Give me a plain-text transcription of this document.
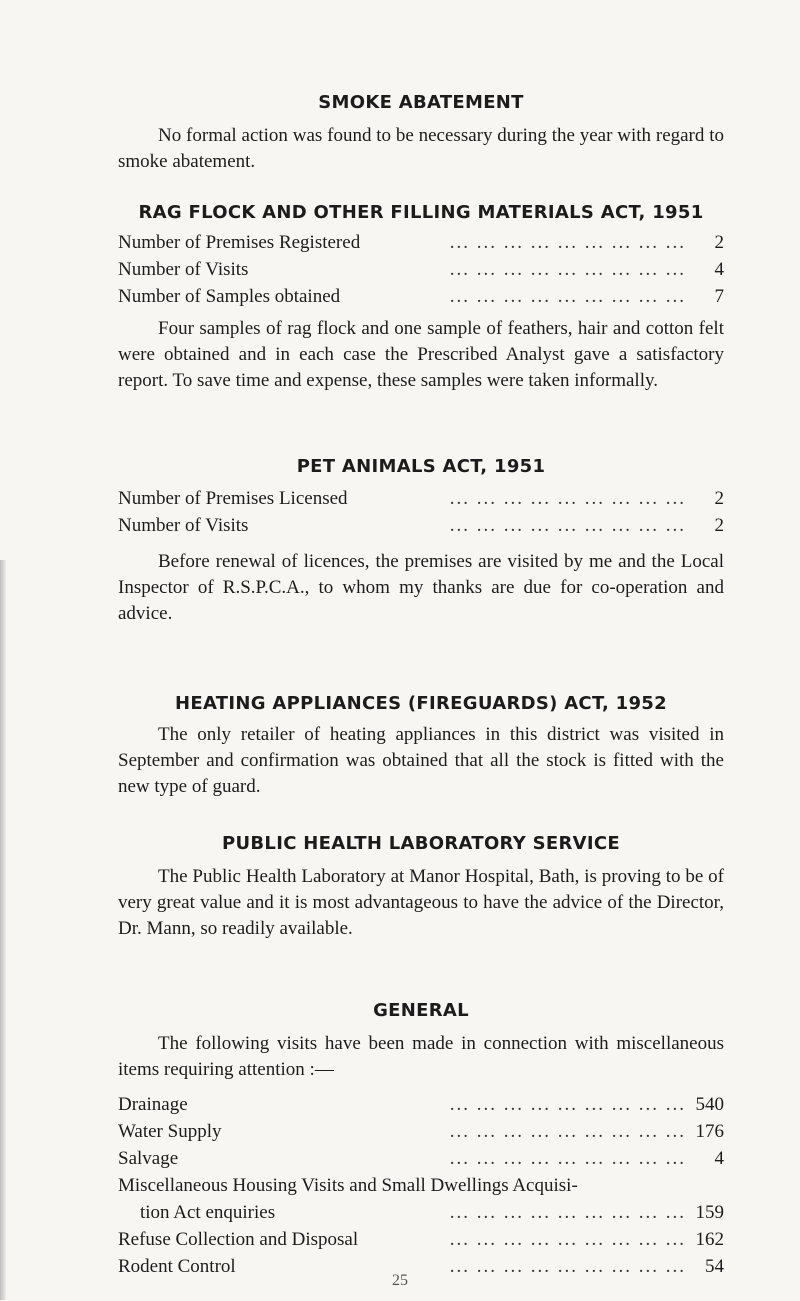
SMOKE ABATEMENT

No formal action was found to be necessary during the year with regard to smoke abatement.

RAG FLOCK AND OTHER FILLING MATERIALS ACT, 1951
Number of Premises Registered	... ... ... ... ... ... ... ... ...	2
Number of Visits	... ... ... ... ... ... ... ... ...	4
Number of Samples obtained	... ... ... ... ... ... ... ... ...	7

Four samples of rag flock and one sample of feathers, hair and cotton felt were obtained and in each case the Prescribed Analyst gave a satisfactory report. To save time and expense, these samples were taken informally.

PET ANIMALS ACT, 1951
Number of Premises Licensed	... ... ... ... ... ... ... ... ...	2
Number of Visits	... ... ... ... ... ... ... ... ...	2

Before renewal of licences, the premises are visited by me and the Local Inspector of R.S.P.C.A., to whom my thanks are due for co-operation and advice.

HEATING APPLIANCES (FIREGUARDS) ACT, 1952

The only retailer of heating appliances in this district was visited in September and confirmation was obtained that all the stock is fitted with the new type of guard.

PUBLIC HEALTH LABORATORY SERVICE

The Public Health Laboratory at Manor Hospital, Bath, is proving to be of very great value and it is most advantageous to have the advice of the Director, Dr. Mann, so readily available.

GENERAL

The following visits have been made in connection with miscellaneous items requiring attention :—

Drainage	... ... ... ... ... ... ... ... ... 540
Water Supply	... ... ... ... ... ... ... ... ... 176
Salvage	... ... ... ... ... ... ... ... ...	4
Miscellaneous Housing Visits and Small Dwellings Acquisi-
tion Act enquiries	... ... ... ... ... ... ... ... ... 159
Refuse Collection and Disposal	... ... ... ... ... ... ... ... ... 162
Rodent Control	... ... ... ... ... ... ... ... ...	54
25
